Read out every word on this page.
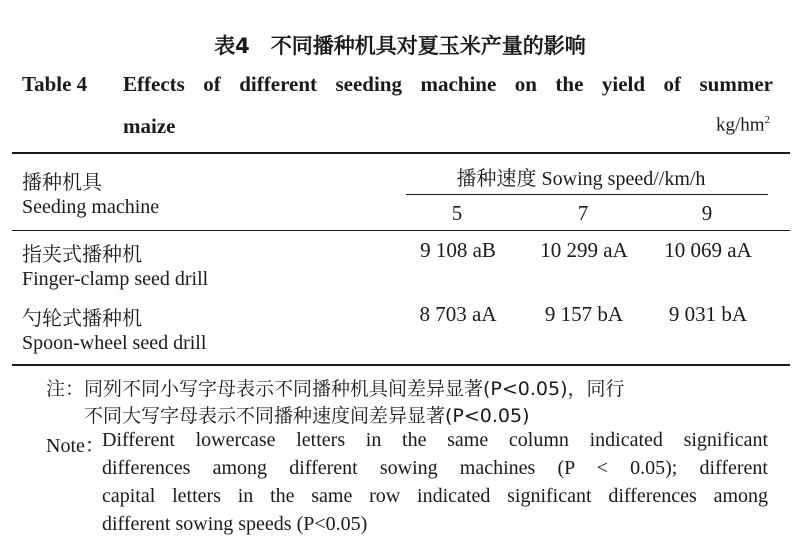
表4　不同播种机具对夏玉米产量的影响
Table 4 Effects of different seeding machine on the yield of summer
maize	$kg/hm^2$
播种机具
Seeding machine
播种速度 Sowing speed//km/h
5	7	9
指夹式播种机
Finger-clamp seed drill
9 108 aB	10 299 aA	10 069 aA
勺轮式播种机
Spoon-wheel seed drill
8 703 aA	9 157 bA	9 031 bA
注： 同列不同小写字母表示不同播种机具间差异显著(P<0.05)，同行
不同大写字母表示不同播种速度间差异显著(P<0.05)
Note：
Different lowercase letters in the same column indicated significant
differences among different sowing machines (P < 0.05); different
capital letters in the same row indicated significant differences among
different sowing speeds (P<0.05)
